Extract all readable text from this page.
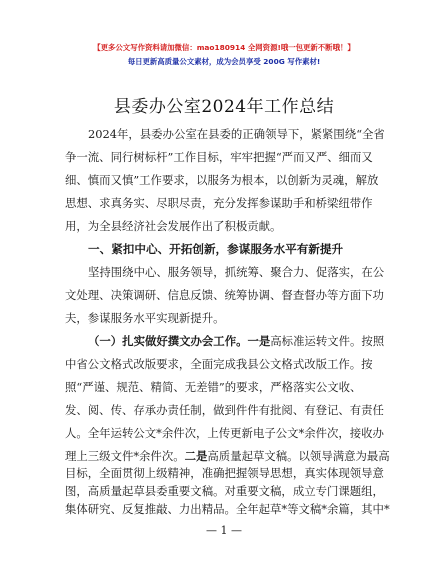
【更多公文写作资料请加微信：mao180914 全网资源!哦一包更新不断哦！】
每日更新高质量公文素材，成为会员享受 200G 写作素材!
县委办公室2024年工作总结
2024年，县委办公室在县委的正确领导下，紧紧围绕“全省
争一流、同行树标杆”工作目标，牢牢把握“严而又严、细而又
细、慎而又慎”工作要求，以服务为根本，以创新为灵魂，解放
思想、求真务实、尽职尽责，充分发挥参谋助手和桥梁纽带作
用，为全县经济社会发展作出了积极贡献。
一、紧扣中心、开拓创新，参谋服务水平有新提升
坚持围绕中心、服务领导，抓统筹、聚合力、促落实，在公
文处理、决策调研、信息反馈、统筹协调、督查督办等方面下功
夫，参谋服务水平实现新提升。
（一）扎实做好撰文办会工作。一是高标准运转文件。按照
中省公文格式改版要求，全面完成我县公文格式改版工作。按
照“严谨、规范、精简、无差错”的要求，严格落实公文收、
发、阅、传、存承办责任制，做到件件有批阅、有登记、有责任
人。全年运转公文*余件次，上传更新电子公文*余件次，接收办
理上三级文件*余件次。二是高质量起草文稿。以领导满意为最高
目标，全面贯彻上级精神，准确把握领导思想，真实体现领导意
图，高质量起草县委重要文稿。对重要文稿，成立专门课题组，
集体研究、反复推敲、力出精品。全年起草*等文稿*余篇，其中*
— 1 —
